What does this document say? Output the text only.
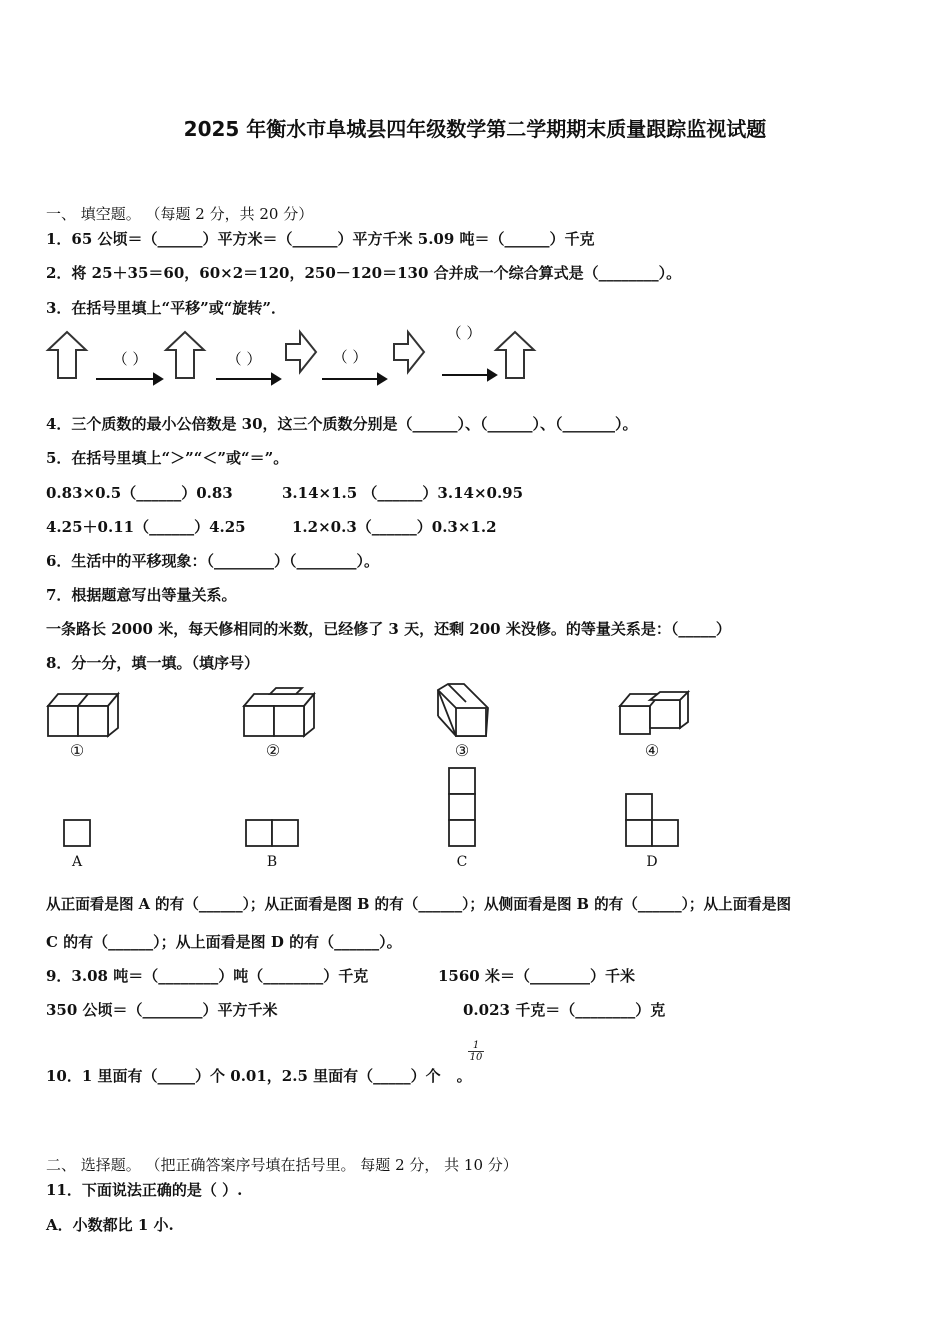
2025 年衡水市阜城县四年级数学第二学期期末质量跟踪监视试题
一、 填空题。 （每题 2 分，共 20 分）
1．65 公顷＝（______）平方米＝（______）平方千米 5.09 吨＝（______）千克
2．将 25＋35＝60，60×2＝120，250－120＝130 合并成一个综合算式是（________）。
3．在括号里填上“平移”或“旋转”．
（ ）	（ ）	（ ）
（ ）
4．三个质数的最小公倍数是 30，这三个质数分别是（______）、（______）、（_______）。
5．在括号里填上“＞”“＜”或“＝”。
0.83×0.5（______）0.83	3.14×1.5 （______）3.14×0.95
4.25＋0.11（______）4.25	1.2×0.3（______）0.3×1.2
6．生活中的平移现象：（________）（________）。
7．根据题意写出等量关系。
一条路长 2000 米，每天修相同的米数，已经修了 3 天，还剩 200 米没修。的等量关系是：（_____）
8．分一分，填一填。（填序号）
①	②	③	④
A	B	C	D
从正面看是图 A 的有（______）；从正面看是图 B 的有（______）；从侧面看是图 B 的有（______）；从上面看是图
C 的有（______）；从上面看是图 D 的有（______）。
9．3.08 吨＝（________）吨（________）千克	1560 米＝（________）千米
350 公顷＝（________）平方千米	0.023 千克＝（________）克
10．1 里面有（_____）个 0.01，2.5 里面有（_____）个 。
$\frac{1}{10}$
二、 选择题。 （把正确答案序号填在括号里。 每题 2 分， 共 10 分）
11．下面说法正确的是（ ）.
A．小数都比 1 小.
